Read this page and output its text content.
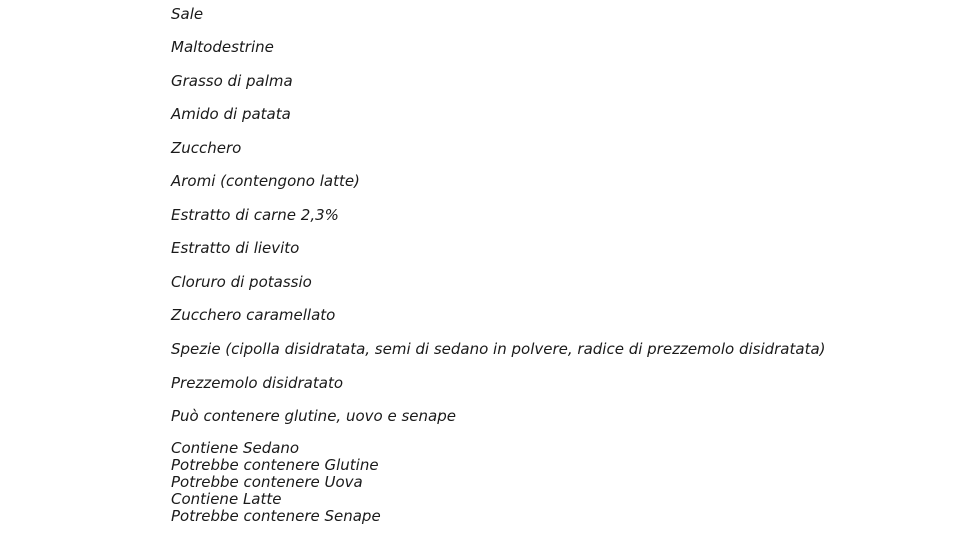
Sale
Maltodestrine
Grasso di palma
Amido di patata
Zucchero
Aromi (contengono latte)
Estratto di carne 2,3%
Estratto di lievito
Cloruro di potassio
Zucchero caramellato
Spezie (cipolla disidratata, semi di sedano in polvere, radice di prezzemolo disidratata)
Prezzemolo disidratato
Può contenere glutine, uovo e senape
Contiene Sedano
Potrebbe contenere Glutine
Potrebbe contenere Uova
Contiene Latte
Potrebbe contenere Senape
